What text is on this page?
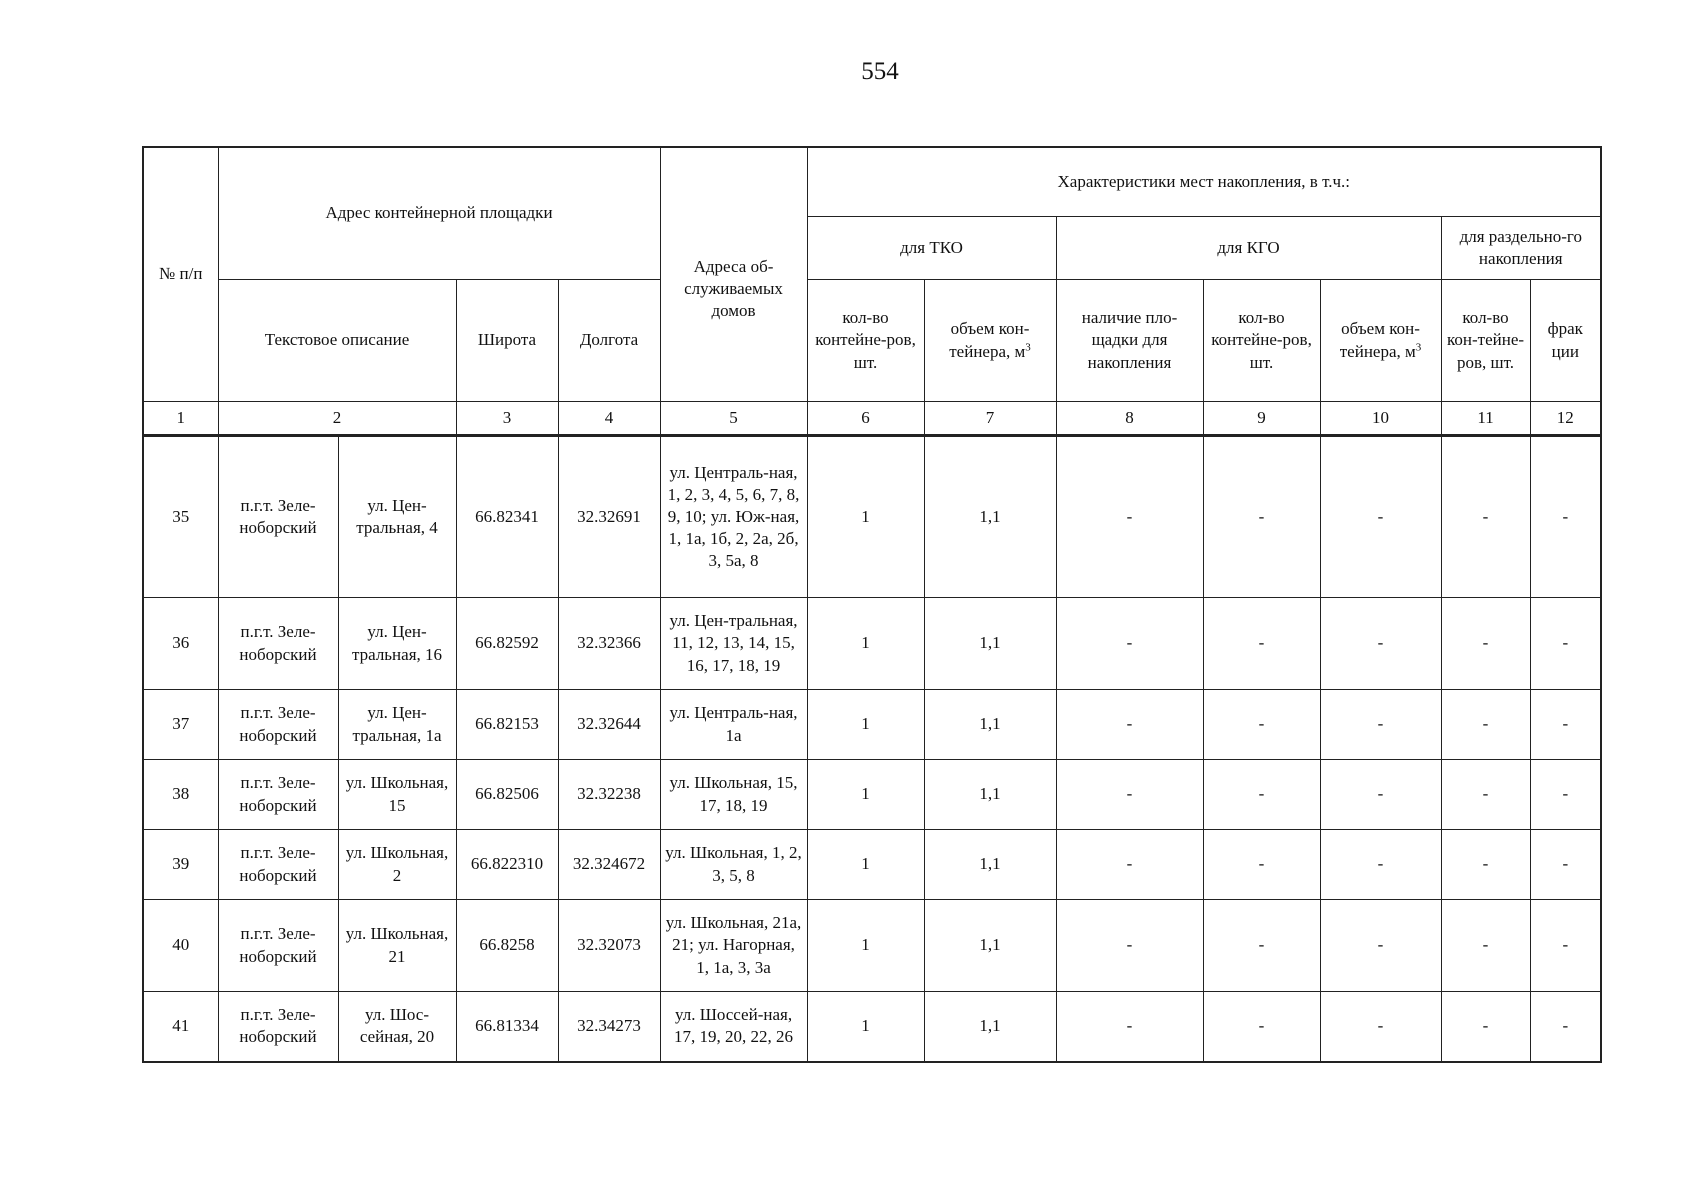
554
№ п/п	Адрес контейнерной площадки				Адреса об-служиваемых домов	Характеристики мест накопления, в т.ч.:						
						для ТКО		для КГО			для раздельно-го накопления	
						кол-во контейне-ров, шт.	объем кон-тейнера, $м^3$	наличие пло-щадки для накопления	кол-во контейне-ров, шт.	объем кон-тейнера, $м^3$	кол-во кон-тейне-ров, шт.	фрак ции
	Текстовое описание		Широта	Долгота								
1	2		3	4	5	6	7	8	9	10	11	12
35	п.г.т. Зеле-ноборский	ул. Цен-тральная, 4	66.82341	32.32691	ул. Централь-ная, 1, 2, 3, 4, 5, 6, 7, 8, 9, 10; ул. Юж-ная, 1, 1а, 1б, 2, 2а, 2б, 3, 5а, 8	1	1,1	-	-	-	-	-
36	п.г.т. Зеле-ноборский	ул. Цен-тральная, 16	66.82592	32.32366	ул. Цен-тральная, 11, 12, 13, 14, 15, 16, 17, 18, 19	1	1,1	-	-	-	-	-
37	п.г.т. Зеле-ноборский	ул. Цен-тральная, 1а	66.82153	32.32644	ул. Централь-ная, 1а	1	1,1	-	-	-	-	-
38	п.г.т. Зеле-ноборский	ул. Школьная, 15	66.82506	32.32238	ул. Школьная, 15, 17, 18, 19	1	1,1	-	-	-	-	-
39	п.г.т. Зеле-ноборский	ул. Школьная, 2	66.822310	32.324672	ул. Школьная, 1, 2, 3, 5, 8	1	1,1	-	-	-	-	-
40	п.г.т. Зеле-ноборский	ул. Школьная, 21	66.8258	32.32073	ул. Школьная, 21а, 21; ул. Нагорная, 1, 1а, 3, 3а	1	1,1	-	-	-	-	-
41	п.г.т. Зеле-ноборский	ул. Шос-сейная, 20	66.81334	32.34273	ул. Шоссей-ная, 17, 19, 20, 22, 26	1	1,1	-	-	-	-	-
